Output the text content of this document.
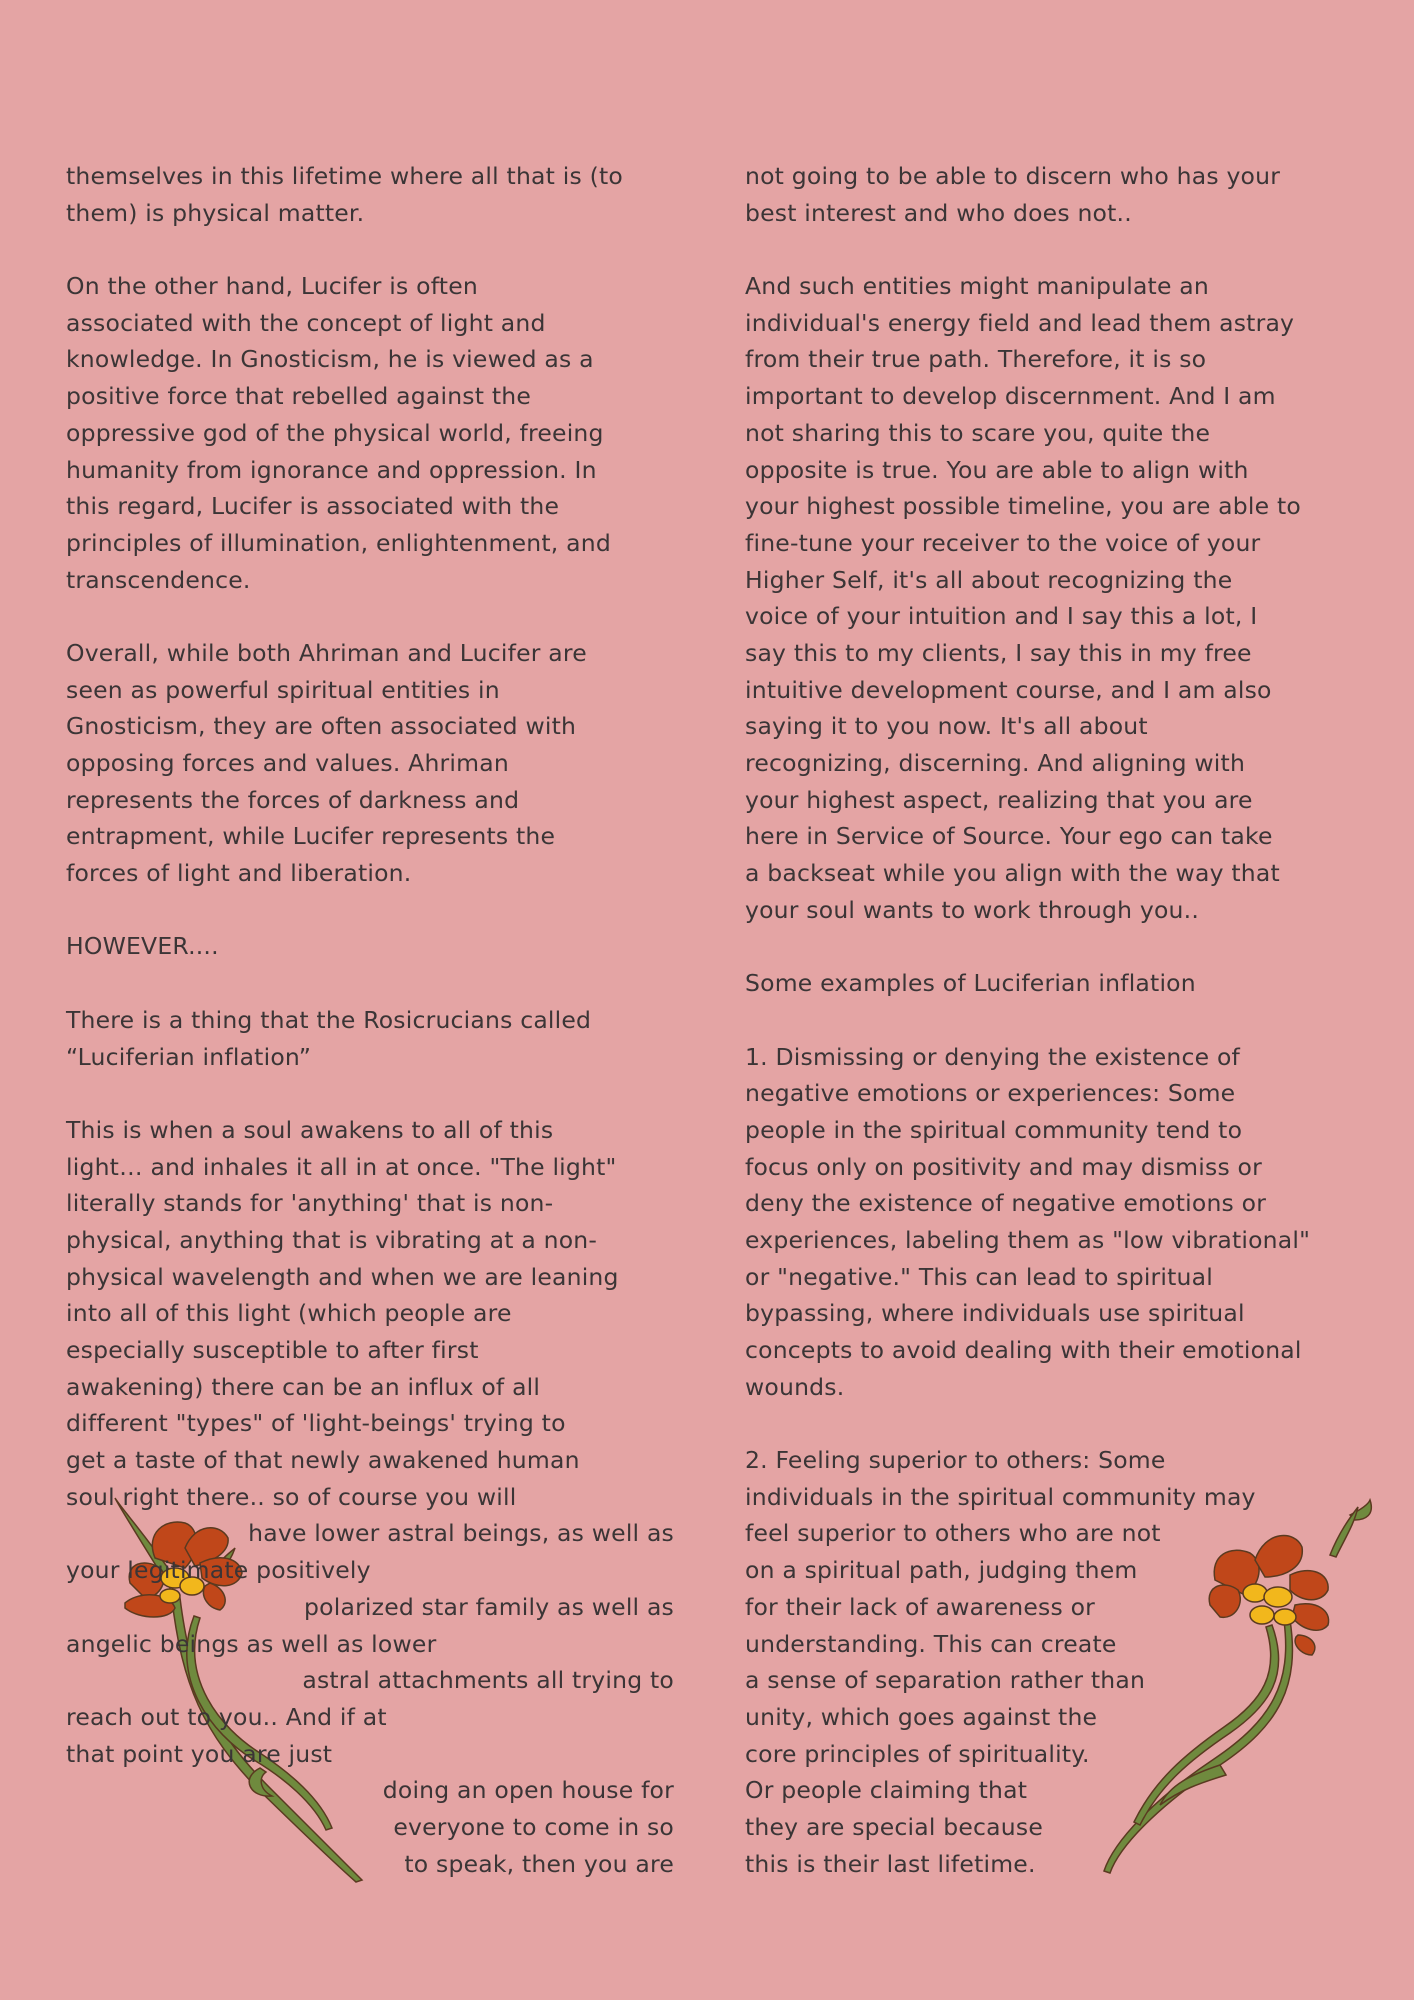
themselves in this lifetime where all that is (to
them) is physical matter.
On the other hand, Lucifer is often
associated with the concept of light and
knowledge. In Gnosticism, he is viewed as a
positive force that rebelled against the
oppressive god of the physical world, freeing
humanity from ignorance and oppression. In
this regard, Lucifer is associated with the
principles of illumination, enlightenment, and
transcendence.
Overall, while both Ahriman and Lucifer are
seen as powerful spiritual entities in
Gnosticism, they are often associated with
opposing forces and values. Ahriman
represents the forces of darkness and
entrapment, while Lucifer represents the
forces of light and liberation.
HOWEVER....
There is a thing that the Rosicrucians called
“Luciferian inflation”
This is when a soul awakens to all of this
light… and inhales it all in at once. "The light"
literally stands for 'anything' that is non-
physical, anything that is vibrating at a non-
physical wavelength and when we are leaning
into all of this light (which people are
especially susceptible to after first
awakening) there can be an influx of all
different "types" of 'light-beings' trying to
get a taste of that newly awakened human
soul right there.. so of course you will
have lower astral beings, as well as
your legitimate positively
polarized star family as well as
angelic beings as well as lower
astral attachments all trying to
reach out to you.. And if at
that point you are just
doing an open house for
everyone to come in so
to speak, then you are
not going to be able to discern who has your
best interest and who does not..
And such entities might manipulate an
individual's energy field and lead them astray
from their true path. Therefore, it is so
important to develop discernment. And I am
not sharing this to scare you, quite the
opposite is true. You are able to align with
your highest possible timeline, you are able to
fine-tune your receiver to the voice of your
Higher Self, it's all about recognizing the
voice of your intuition and I say this a lot, I
say this to my clients, I say this in my free
intuitive development course, and I am also
saying it to you now. It's all about
recognizing, discerning. And aligning with
your highest aspect, realizing that you are
here in Service of Source. Your ego can take
a backseat while you align with the way that
your soul wants to work through you..
Some examples of Luciferian inflation
1. Dismissing or denying the existence of
negative emotions or experiences: Some
people in the spiritual community tend to
focus only on positivity and may dismiss or
deny the existence of negative emotions or
experiences, labeling them as "low vibrational"
or "negative." This can lead to spiritual
bypassing, where individuals use spiritual
concepts to avoid dealing with their emotional
wounds.
2. Feeling superior to others: Some
individuals in the spiritual community may
feel superior to others who are not
on a spiritual path, judging them
for their lack of awareness or
understanding. This can create
a sense of separation rather than
unity, which goes against the
core principles of spirituality.
Or people claiming that
they are special because
this is their last lifetime.
